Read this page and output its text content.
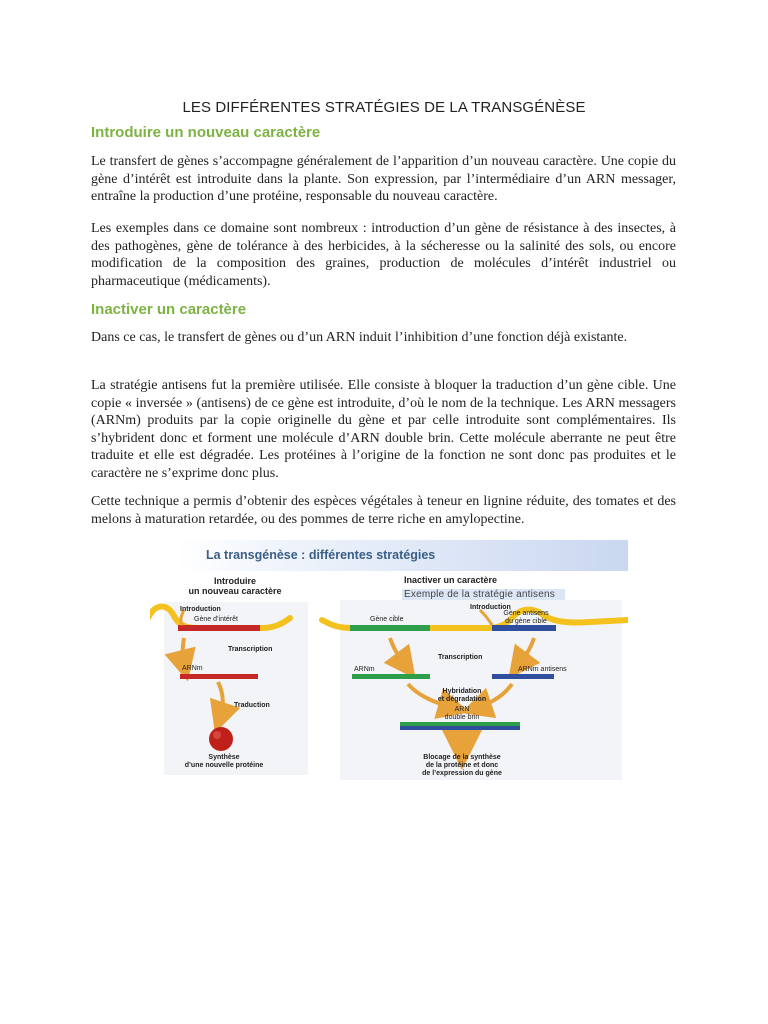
LES DIFFÉRENTES STRATÉGIES DE LA TRANSGÉNÈSE
Introduire un nouveau caractère

Le transfert de gènes s’accompagne généralement de l’apparition d’un nouveau caractère. Une copie du gène d’intérêt est introduite dans la plante. Son expression, par l’intermédiaire d’un ARN messager, entraîne la production d’une protéine, responsable du nouveau caractère.

Les exemples dans ce domaine sont nombreux : introduction d’un gène de résistance à des insectes, à des pathogènes, gène de tolérance à des herbicides, à la sécheresse ou la salinité des sols, ou encore modification de la composition des graines, production de molécules d’intérêt industriel ou pharmaceutique (médicaments).

Inactiver un caractère

Dans ce cas, le transfert de gènes ou d’un ARN induit l’inhibition d’une fonction déjà existante.

La stratégie antisens fut la première utilisée. Elle consiste à bloquer la traduction d’un gène cible. Une copie « inversée » (antisens) de ce gène est introduite, d’où le nom de la technique. Les ARN messagers (ARNm) produits par la copie originelle du gène et par celle introduite sont complémentaires. Ils s’hybrident donc et forment une molécule d’ARN double brin. Cette molécule aberrante ne peut être traduite et elle est dégradée. Les protéines à l’origine de la fonction ne sont donc pas produites et le caractère ne s’exprime donc plus.

Cette technique a permis d’obtenir des espèces végétales à teneur en lignine réduite, des tomates et des melons à maturation retardée, ou des pommes de terre riche en amylopectine.

La transgénèse : différentes stratégies
Introduire
un nouveau caractère
Introduction
Gène d’intérêt
Transcription
ARNm
Traduction
Synthèse
d’une nouvelle protéine
Inactiver un caractère
Introduction
Gène cible
Gène antisens
du gène cible
Transcription
ARNm	ARNm antisens
Hybridation
et dégradation
ARN
double brin
Blocage de la synthèse
de la protéine et donc
de l’expression du gène
Exemple de la stratégie antisens
